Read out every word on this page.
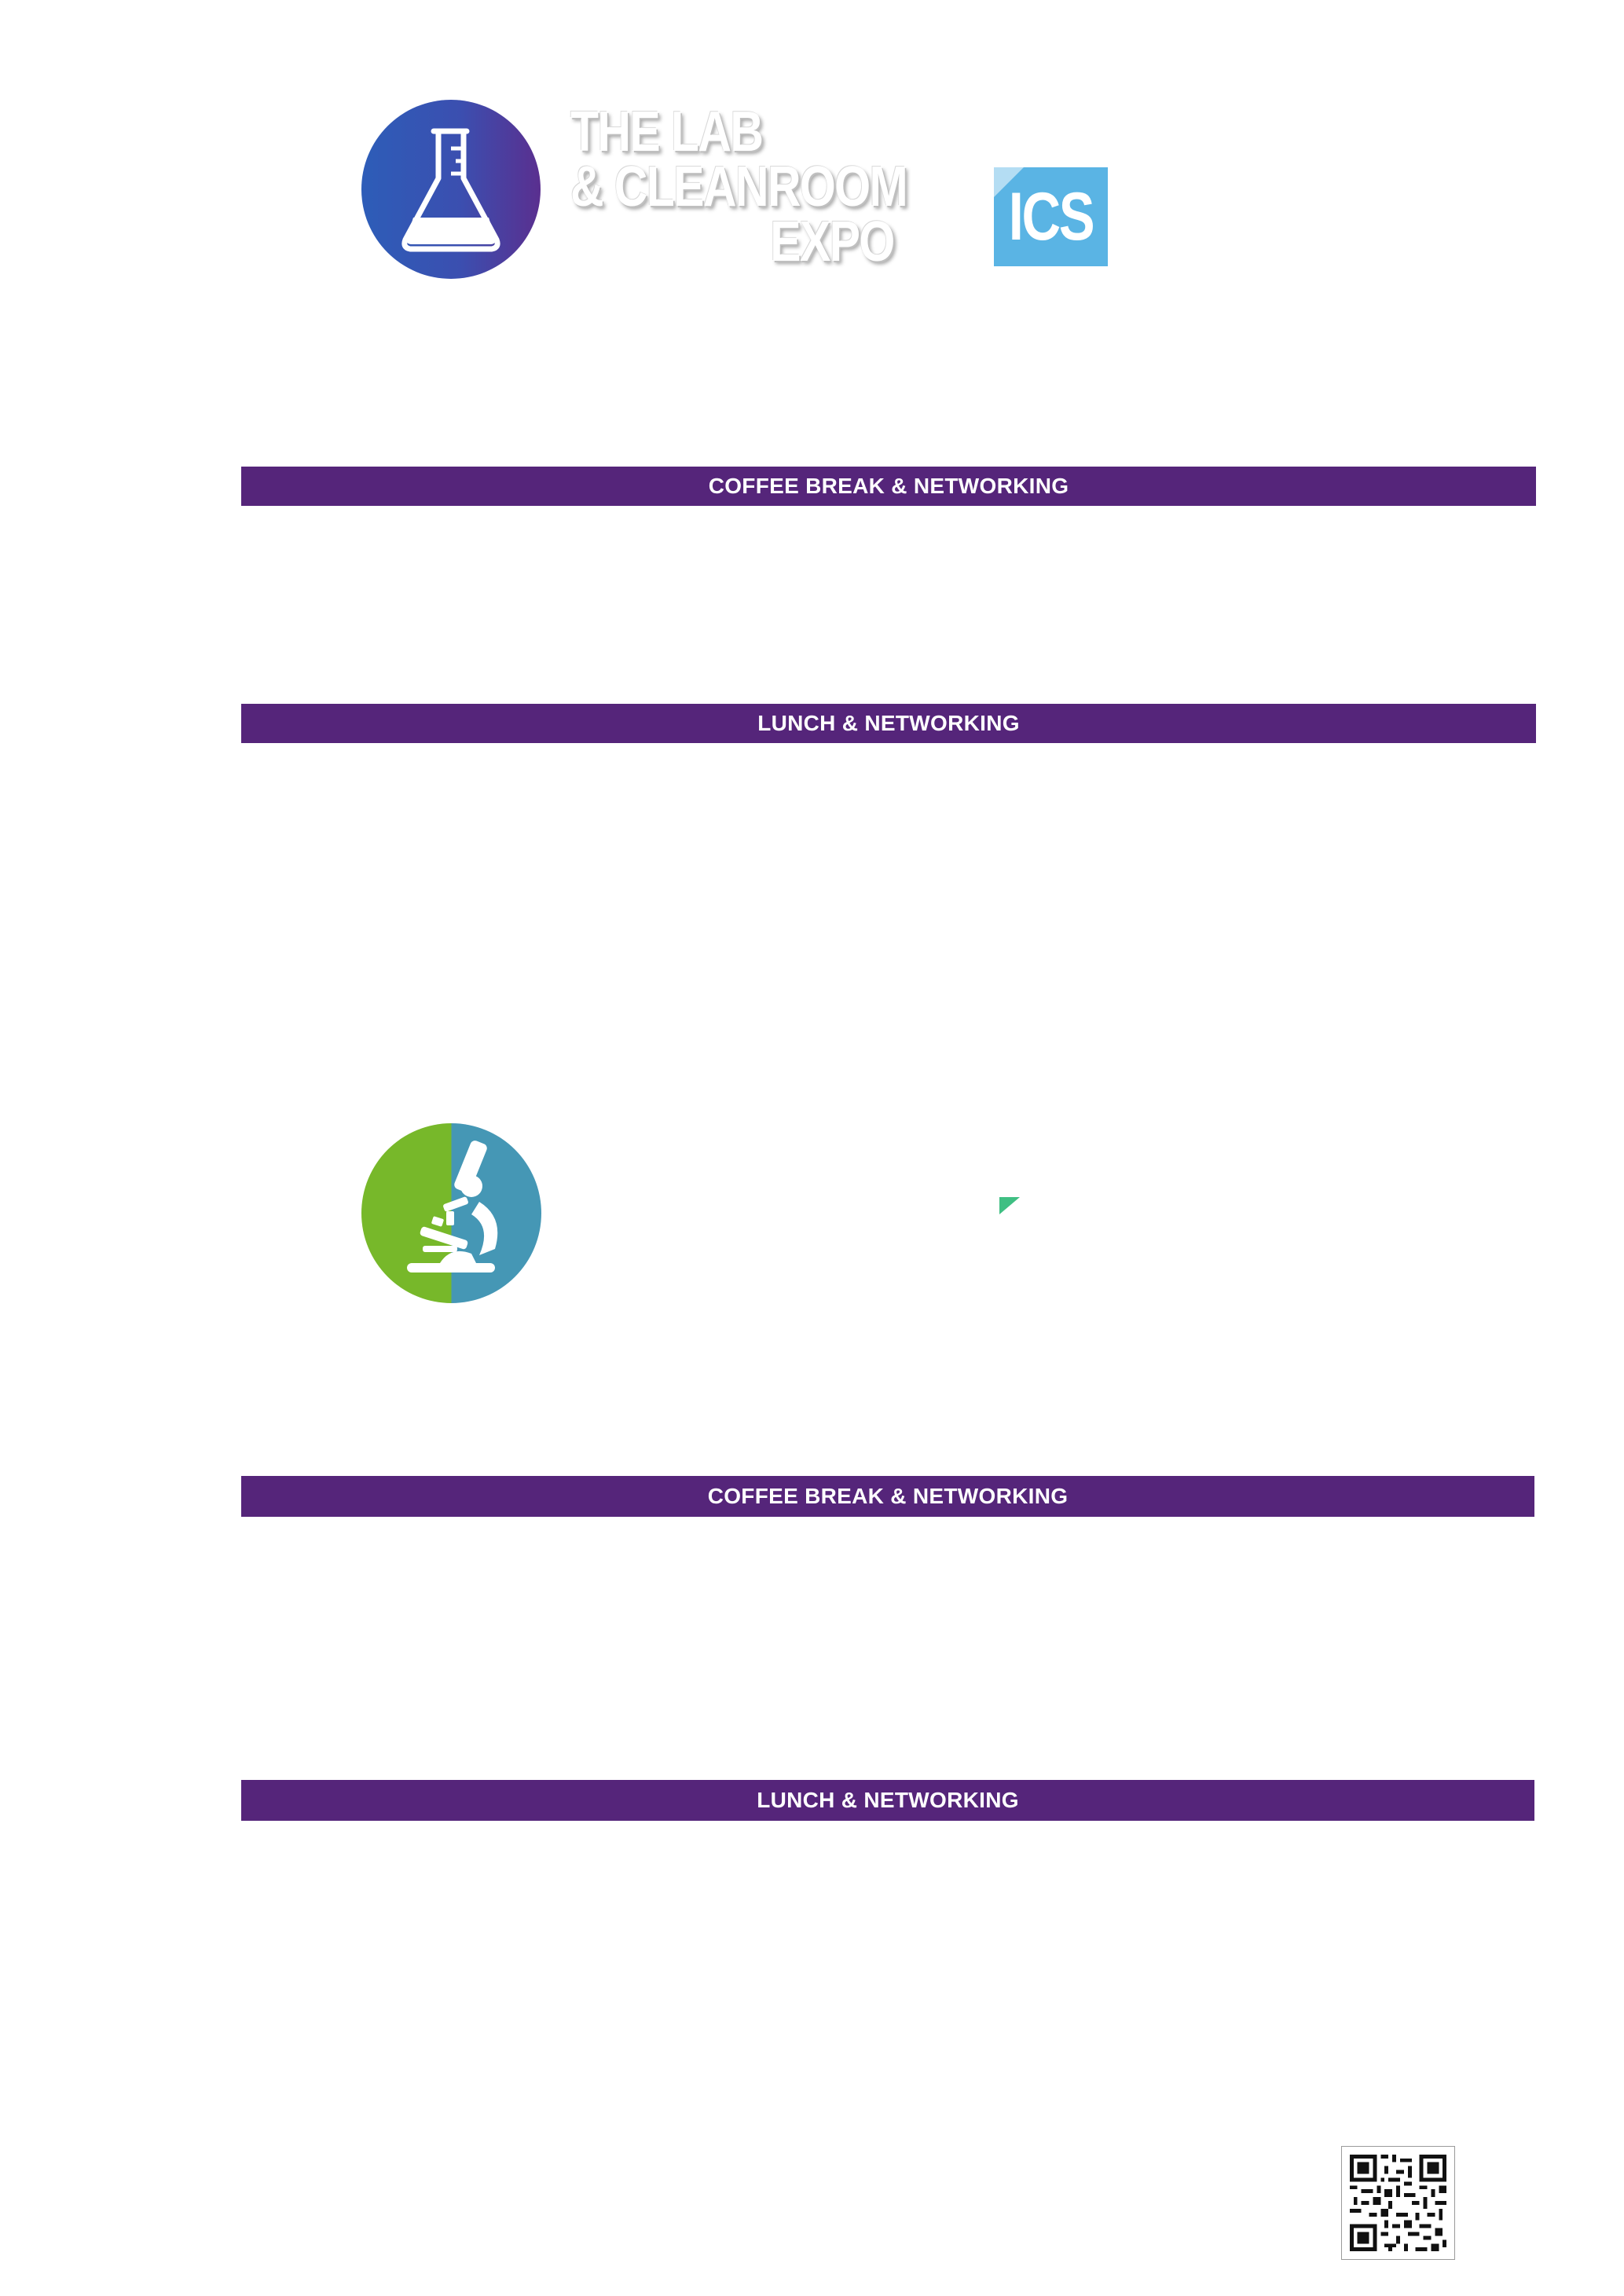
THE LAB
& CLEANROOM
EXPO ICS
COFFEE BREAK & NETWORKING
LUNCH & NETWORKING
COFFEE BREAK & NETWORKING
LUNCH & NETWORKING
